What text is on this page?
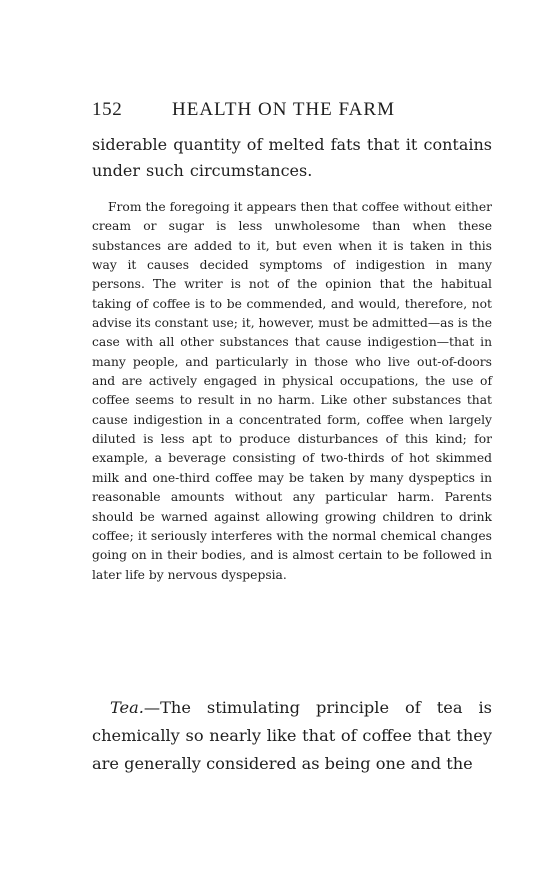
152	HEALTH ON THE FARM

siderable quantity of melted fats that it contains under such circumstances.

From the foregoing it appears then that coffee without either cream or sugar is less unwholesome than when these substances are added to it, but even when it is taken in this way it causes decided symptoms of indigestion in many persons. The writer is not of the opinion that the habitual taking of coffee is to be commended, and would, therefore, not advise its constant use; it, however, must be admitted—as is the case with all other substances that cause indigestion—that in many people, and particularly in those who live out-of-doors and are actively engaged in physical occupations, the use of coffee seems to result in no harm. Like other substances that cause indigestion in a concentrated form, coffee when largely diluted is less apt to produce disturbances of this kind; for example, a beverage consisting of two-thirds of hot skimmed milk and one-third coffee may be taken by many dyspeptics in reasonable amounts without any particular harm. Parents should be warned against allowing growing children to drink coffee; it seriously interferes with the normal chemical changes going on in their bodies, and is almost certain to be followed in later life by nervous dyspepsia.

Tea.—The stimulating principle of tea is chemically so nearly like that of coffee that they are generally considered as being one and the
